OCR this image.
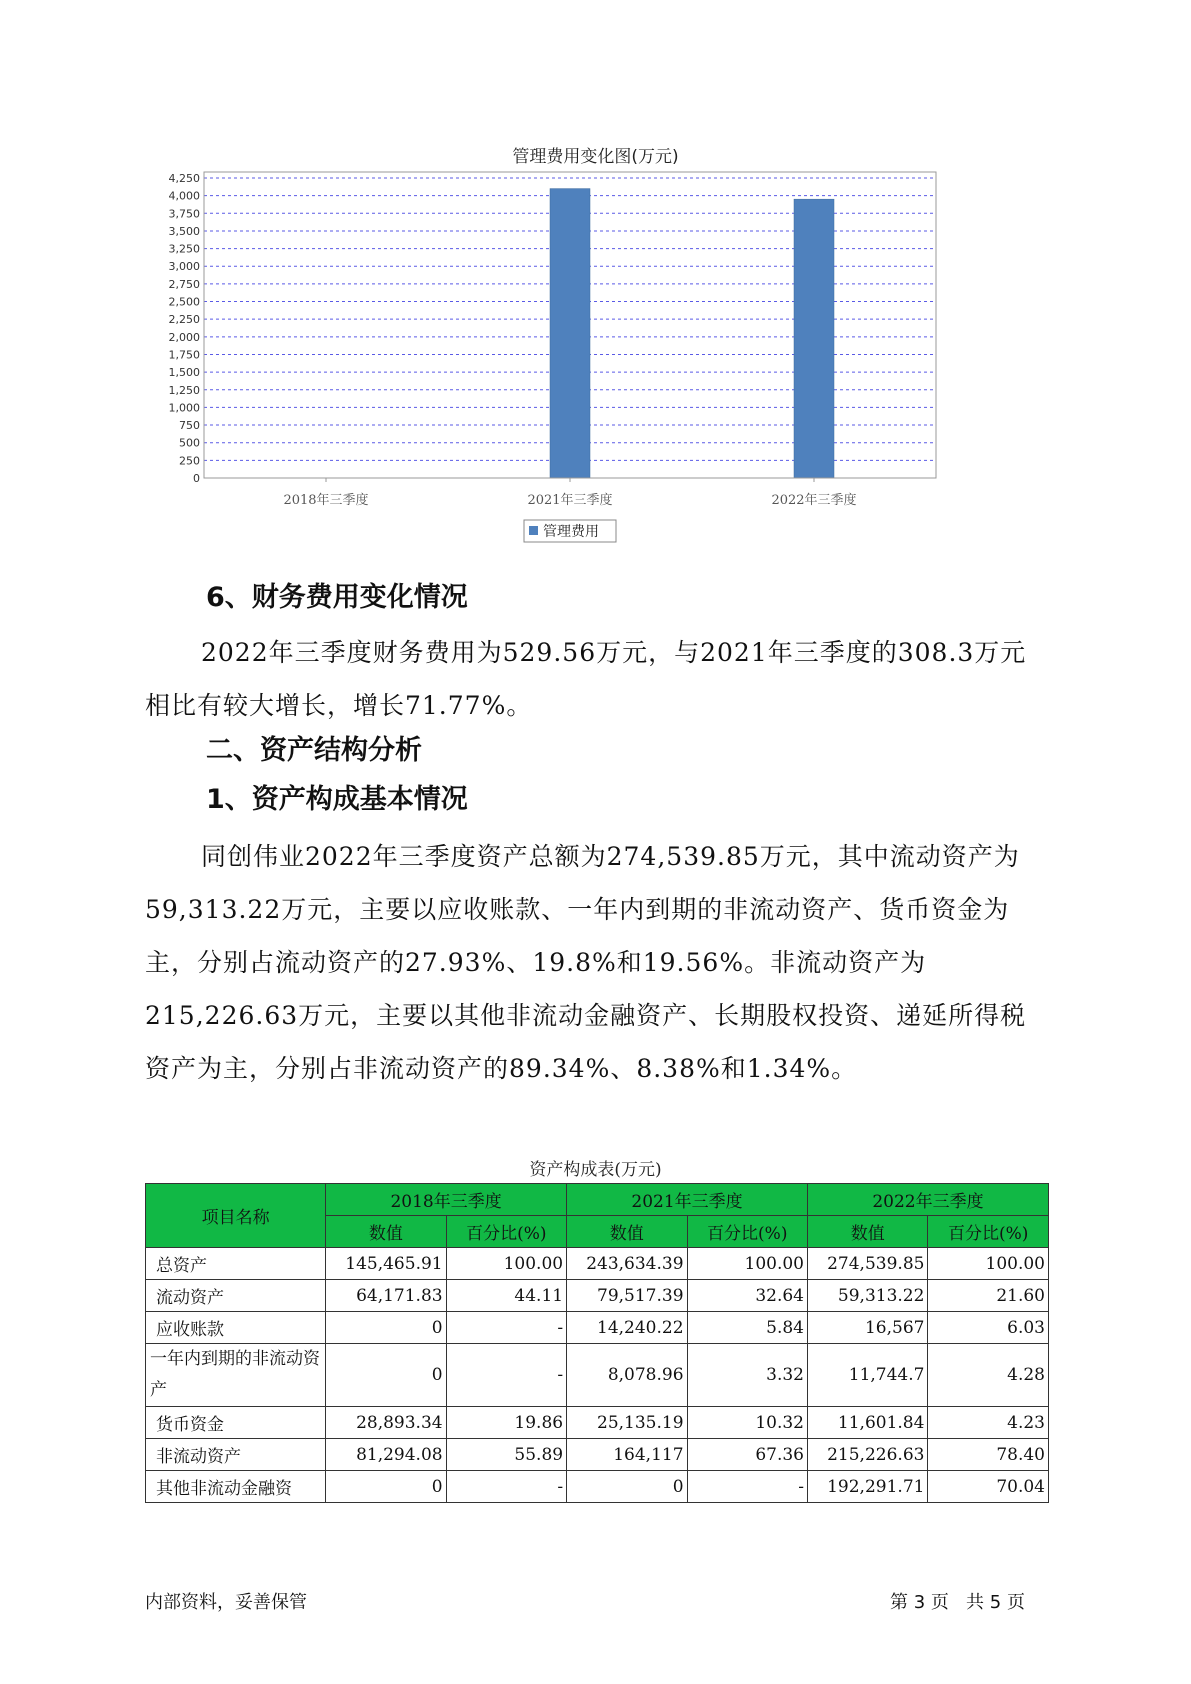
管理费用变化图(万元)
0
250
500
750
1,000
1,250
1,500
1,750
2,000
2,250
2,500
2,750
3,000
3,250
3,500
3,750
4,000
4,250
2018年三季度	2021年三季度	2022年三季度
管理费用
6、财务费用变化情况

2022年三季度财务费用为529.56万元，与2021年三季度的308.3万元相比有较大增长，增长71.77%。

二、资产结构分析
1、资产构成基本情况

同创伟业2022年三季度资产总额为274,539.85万元，其中流动资产为59,313.22万元，主要以应收账款、一年内到期的非流动资产、货币资金为主，分别占流动资产的27.93%、19.8%和19.56%。非流动资产为215,226.63万元，主要以其他非流动金融资产、长期股权投资、递延所得税资产为主，分别占非流动资产的89.34%、8.38%和1.34%。

资产构成表(万元)
项目名称	2018年三季度		2021年三季度		2022年三季度	
	数值	百分比(%)	数值	百分比(%)	数值	百分比(%)
总资产	145,465.91	100.00	243,634.39	100.00	274,539.85	100.00
流动资产	64,171.83	44.11	79,517.39	32.64	59,313.22	21.60
应收账款	0	-	14,240.22	5.84	16,567	6.03
一年内到期的非流动资产	0	-	8,078.96	3.32	11,744.7	4.28
货币资金	28,893.34	19.86	25,135.19	10.32	11,601.84	4.23
非流动资产	81,294.08	55.89	164,117	67.36	215,226.63	78.40
其他非流动金融资	0	-	0	-	192,291.71	70.04
内部资料，妥善保管	第 3 页   共 5 页
